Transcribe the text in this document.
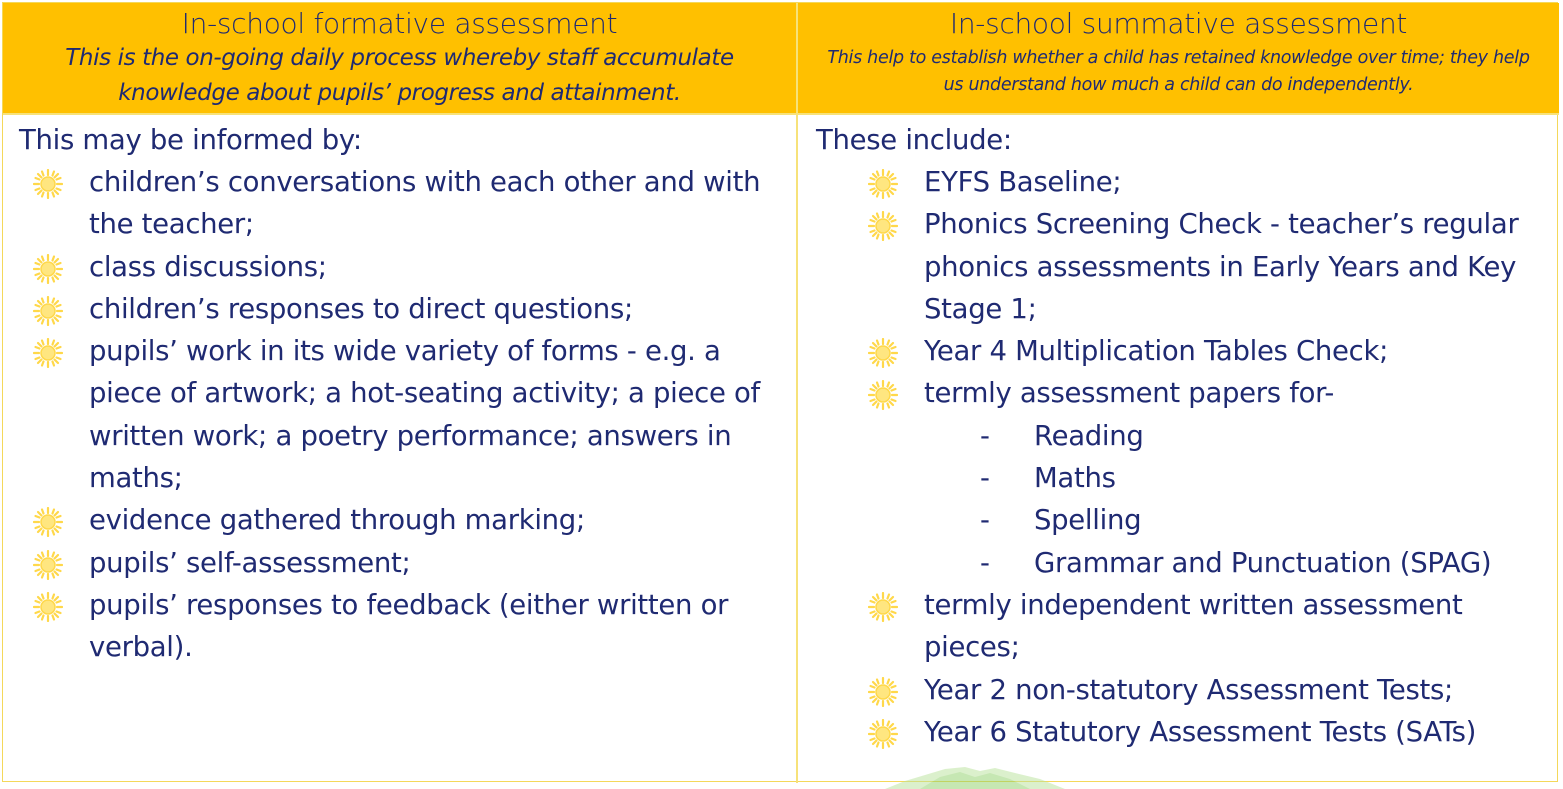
In-school formative assessment
This is the on-going daily process whereby staff accumulate knowledge about pupils’ progress and attainment.
In-school summative assessment
This help to establish whether a child has retained knowledge over time; they help us understand how much a child can do independently.
This may be informed by:
children’s conversations with each other and with the teacher;
class discussions;
children’s responses to direct questions;
pupils’ work in its wide variety of forms - e.g. a piece of artwork; a hot-seating activity; a piece of written work; a poetry performance; answers in maths;
evidence gathered through marking;
pupils’ self-assessment;
pupils’ responses to feedback (either written or verbal).
These include:
EYFS Baseline;
Phonics Screening Check - teacher’s regular phonics assessments in Early Years and Key Stage 1;
Year 4 Multiplication Tables Check;
termly assessment papers for-
- Reading
- Maths
- Spelling
- Grammar and Punctuation (SPAG)
termly independent written assessment pieces;
Year 2 non-statutory Assessment Tests;
Year 6 Statutory Assessment Tests (SATs)
